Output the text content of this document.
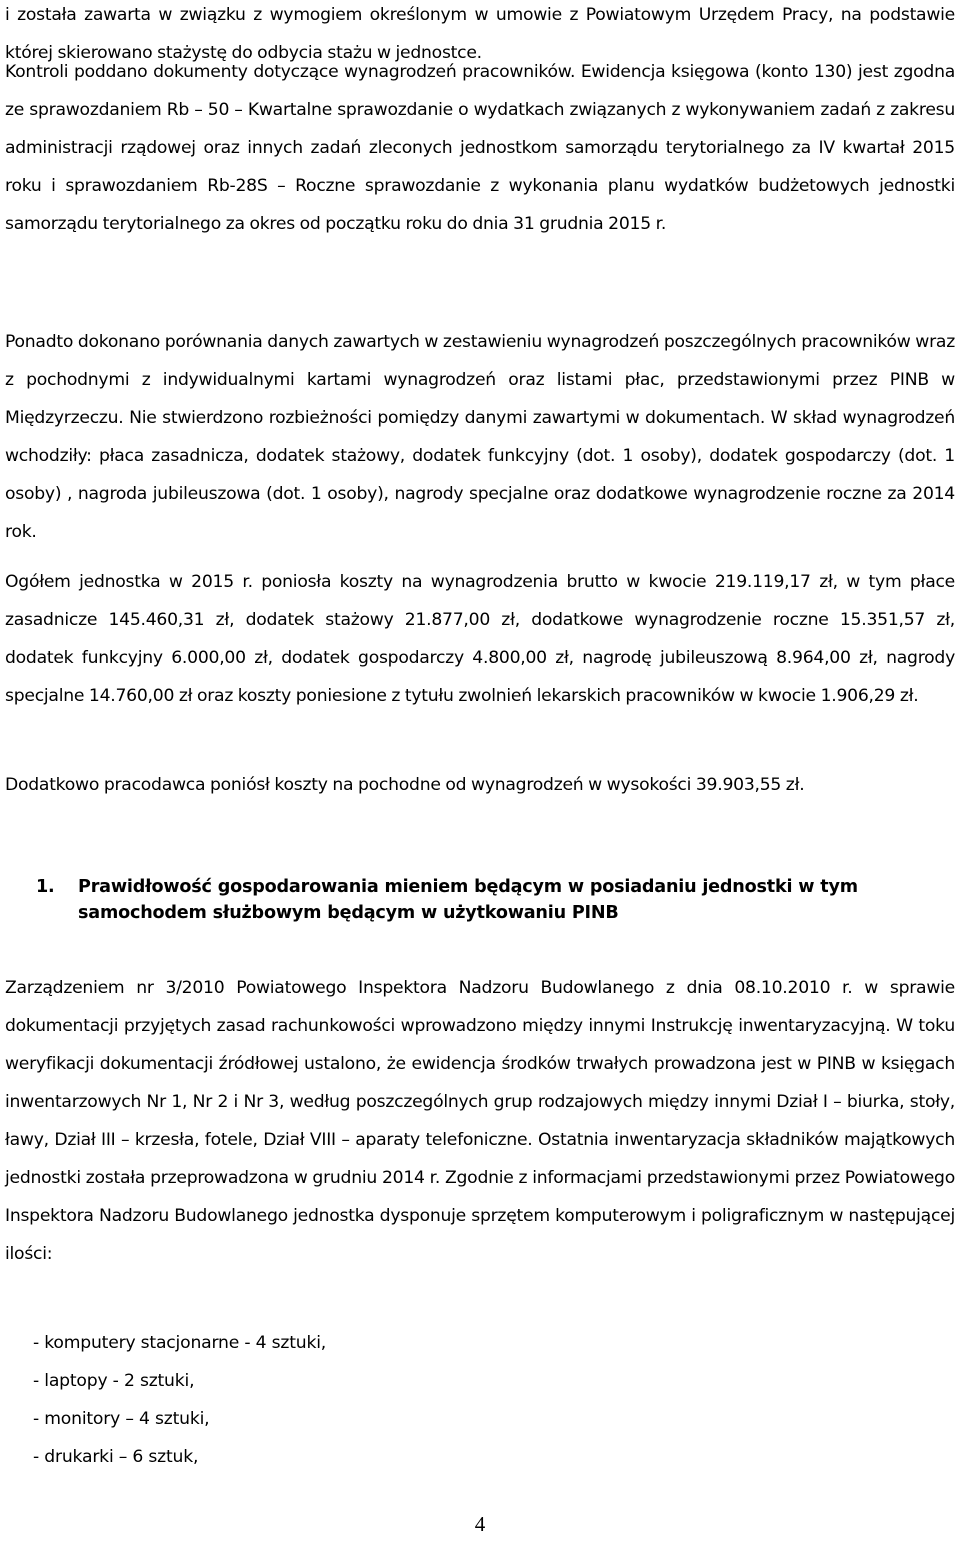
i została zawarta w związku z wymogiem określonym w umowie z Powiatowym Urzędem Pracy, na podstawie której skierowano stażystę do odbycia stażu w jednostce.

Kontroli poddano dokumenty dotyczące wynagrodzeń pracowników. Ewidencja księgowa (konto 130) jest zgodna ze sprawozdaniem Rb – 50 – Kwartalne sprawozdanie o wydatkach związanych z wykonywaniem zadań z zakresu administracji rządowej oraz innych zadań zleconych jednostkom samorządu terytorialnego za IV kwartał 2015 roku i sprawozdaniem Rb-28S – Roczne sprawozdanie z wykonania planu wydatków budżetowych jednostki samorządu terytorialnego za okres od początku roku do dnia 31 grudnia 2015 r.

Ponadto dokonano porównania danych zawartych w zestawieniu wynagrodzeń poszczególnych pracowników wraz z pochodnymi z indywidualnymi kartami wynagrodzeń oraz listami płac, przedstawionymi przez PINB w Międzyrzeczu. Nie stwierdzono rozbieżności pomiędzy danymi zawartymi w dokumentach. W skład wynagrodzeń wchodziły: płaca zasadnicza, dodatek stażowy, dodatek funkcyjny (dot. 1 osoby), dodatek gospodarczy (dot. 1 osoby) , nagroda jubileuszowa (dot. 1 osoby), nagrody specjalne oraz dodatkowe wynagrodzenie roczne za 2014 rok.

Ogółem jednostka w 2015 r. poniosła koszty na wynagrodzenia brutto w kwocie 219.119,17 zł, w tym płace zasadnicze 145.460,31 zł, dodatek stażowy 21.877,00 zł, dodatkowe wynagrodzenie roczne 15.351,57 zł, dodatek funkcyjny 6.000,00 zł, dodatek gospodarczy 4.800,00 zł, nagrodę jubileuszową 8.964,00 zł, nagrody specjalne 14.760,00 zł oraz koszty poniesione z tytułu zwolnień lekarskich pracowników w kwocie 1.906,29 zł.

Dodatkowo pracodawca poniósł koszty na pochodne od wynagrodzeń w wysokości 39.903,55 zł.

1.	Prawidłowość gospodarowania mieniem będącym w posiadaniu jednostki w tym samochodem służbowym będącym w użytkowaniu PINB

Zarządzeniem nr 3/2010 Powiatowego Inspektora Nadzoru Budowlanego z dnia 08.10.2010 r. w sprawie dokumentacji przyjętych zasad rachunkowości wprowadzono między innymi Instrukcję inwentaryzacyjną. W toku weryfikacji dokumentacji źródłowej ustalono, że ewidencja środków trwałych prowadzona jest w PINB w księgach inwentarzowych Nr 1, Nr 2 i Nr 3, według poszczególnych grup rodzajowych między innymi Dział I – biurka, stoły, ławy, Dział III – krzesła, fotele, Dział VIII – aparaty telefoniczne. Ostatnia inwentaryzacja składników majątkowych jednostki została przeprowadzona w grudniu 2014 r. Zgodnie z informacjami przedstawionymi przez Powiatowego Inspektora Nadzoru Budowlanego jednostka dysponuje sprzętem komputerowym i poligraficznym w następującej ilości:

- komputery stacjonarne - 4 sztuki,
- laptopy - 2 sztuki,
- monitory – 4 sztuki,
- drukarki – 6 sztuk,
4
